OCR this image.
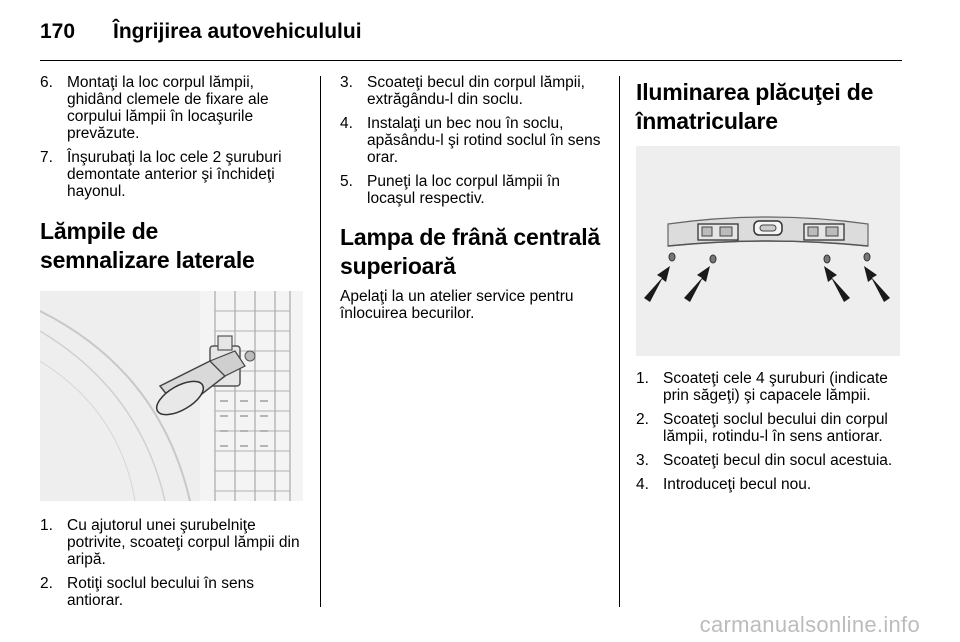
170 Îngrijirea autovehiculului
6. Montaţi la loc corpul lămpii, ghidând clemele de fixare ale corpului lămpii în locaşurile prevăzute.
7. Înşurubaţi la loc cele 2 şuruburi demontate anterior şi închideţi hayonul.
Lămpile de semnalizare laterale
1. Cu ajutorul unei şurubelniţe potrivite, scoateţi corpul lămpii din aripă.
2. Rotiţi soclul becului în sens antiorar.
3. Scoateţi becul din corpul lămpii, extrăgându-l din soclu.
4. Instalaţi un bec nou în soclu, apăsându-l şi rotind soclul în sens orar.
5. Puneţi la loc corpul lămpii în locaşul respectiv.
Lampa de frână centrală superioară

Apelaţi la un atelier service pentru înlocuirea becurilor.

Iluminarea plăcuţei de înmatriculare
1. Scoateţi cele 4 şuruburi (indicate prin săgeţi) şi capacele lămpii.
2. Scoateţi soclul becului din corpul lămpii, rotindu-l în sens antiorar.
3. Scoateţi becul din socul acestuia.
4. Introduceţi becul nou.
carmanualsonline.info
